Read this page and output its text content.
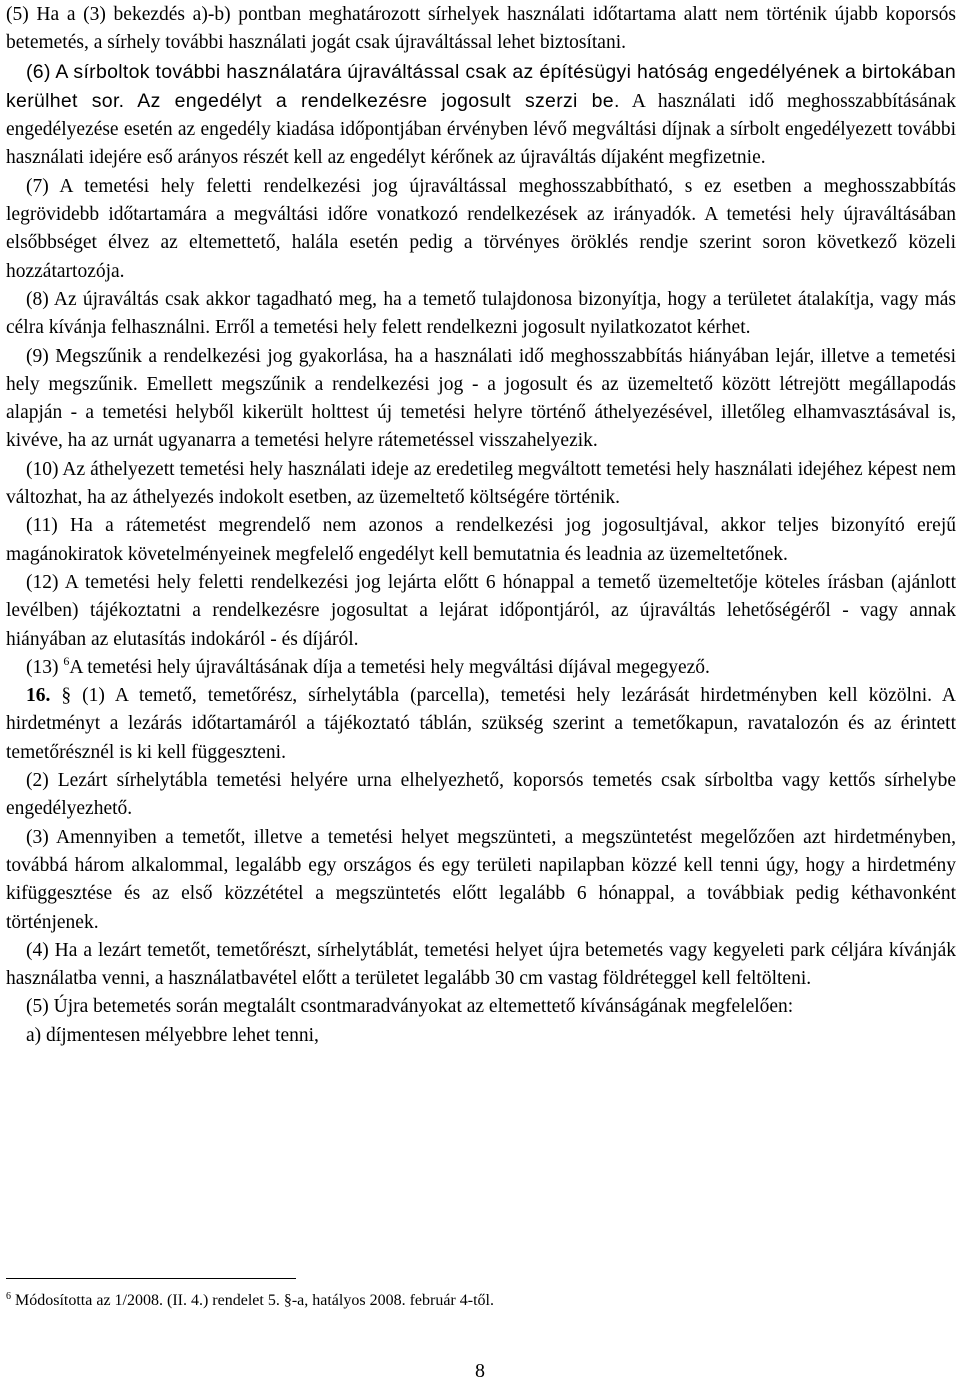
(5) Ha a (3) bekezdés a)-b) pontban meghatározott sírhelyek használati időtartama alatt nem történik újabb koporsós betemetés, a sírhely további használati jogát csak újraváltással lehet biztosítani.

(6) A sírboltok további használatára újraváltással csak az építésügyi hatóság engedélyének a birtokában kerülhet sor. Az engedélyt a rendelkezésre jogosult szerzi be. A használati idő meghosszabbításának engedélyezése esetén az engedély kiadása időpontjában érvényben lévő megváltási díjnak a sírbolt engedélyezett további használati idejére eső arányos részét kell az engedélyt kérőnek az újraváltás díjaként megfizetnie.

(7) A temetési hely feletti rendelkezési jog újraváltással meghosszabbítható, s ez esetben a meghosszabbítás legrövidebb időtartamára a megváltási időre vonatkozó rendelkezések az irányadók. A temetési hely újraváltásában elsőbbséget élvez az eltemettető, halála esetén pedig a törvényes öröklés rendje szerint soron következő közeli hozzátartozója.

(8) Az újraváltás csak akkor tagadható meg, ha a temető tulajdonosa bizonyítja, hogy a területet átalakítja, vagy más célra kívánja felhasználni. Erről a temetési hely felett rendelkezni jogosult nyilatkozatot kérhet.

(9) Megszűnik a rendelkezési jog gyakorlása, ha a használati idő meghosszabbítás hiányában lejár, illetve a temetési hely megszűnik. Emellett megszűnik a rendelkezési jog - a jogosult és az üzemeltető között létrejött megállapodás alapján - a temetési helyből kikerült holttest új temetési helyre történő áthelyezésével, illetőleg elhamvasztásával is, kivéve, ha az urnát ugyanarra a temetési helyre rátemetéssel visszahelyezik.

(10) Az áthelyezett temetési hely használati ideje az eredetileg megváltott temetési hely használati idejéhez képest nem változhat, ha az áthelyezés indokolt esetben, az üzemeltető költségére történik.

(11) Ha a rátemetést megrendelő nem azonos a rendelkezési jog jogosultjával, akkor teljes bizonyító erejű magánokiratok követelményeinek megfelelő engedélyt kell bemutatnia és leadnia az üzemeltetőnek.

(12) A temetési hely feletti rendelkezési jog lejárta előtt 6 hónappal a temető üzemeltetője köteles írásban (ajánlott levélben) tájékoztatni a rendelkezésre jogosultat a lejárat időpontjáról, az újraváltás lehetőségéről - vagy annak hiányában az elutasítás indokáról - és díjáról.

(13) $^6$A temetési hely újraváltásának díja a temetési hely megváltási díjával megegyező.

16. § (1) A temető, temetőrész, sírhelytábla (parcella), temetési hely lezárását hirdetményben kell közölni. A hirdetményt a lezárás időtartamáról a tájékoztató táblán, szükség szerint a temetőkapun, ravatalozón és az érintett temetőrésznél is ki kell függeszteni.

(2) Lezárt sírhelytábla temetési helyére urna elhelyezhető, koporsós temetés csak sírboltba vagy kettős sírhelybe engedélyezhető.

(3) Amennyiben a temetőt, illetve a temetési helyet megszünteti, a megszüntetést megelőzően azt hirdetményben, továbbá három alkalommal, legalább egy országos és egy területi napilapban közzé kell tenni úgy, hogy a hirdetmény kifüggesztése és az első közzététel a megszüntetés előtt legalább 6 hónappal, a továbbiak pedig kéthavonként történjenek.

(4) Ha a lezárt temetőt, temetőrészt, sírhelytáblát, temetési helyet újra betemetés vagy kegyeleti park céljára kívánják használatba venni, a használatbavétel előtt a területet legalább 30 cm vastag földréteggel kell feltölteni.

(5) Újra betemetés során megtalált csontmaradványokat az eltemettető kívánságának megfelelően:

a) díjmentesen mélyebbre lehet tenni,

$^6$ Módosította az 1/2008. (II. 4.) rendelet 5. §-a, hatályos 2008. február 4-től.
8
